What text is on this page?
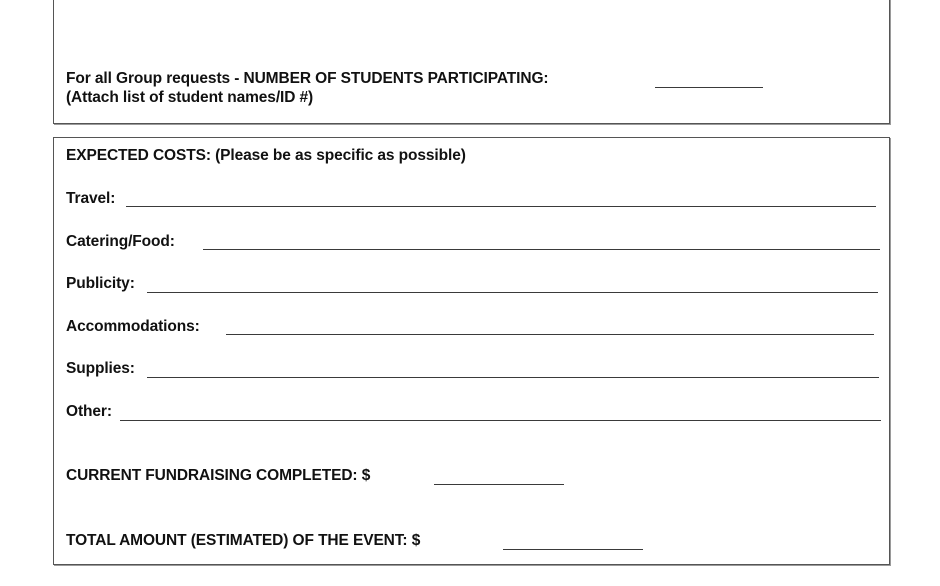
For all Group requests - NUMBER OF STUDENTS PARTICIPATING:
(Attach list of student names/ID #)
EXPECTED COSTS: (Please be as specific as possible)
Travel:
Catering/Food:
Publicity:
Accommodations:
Supplies:
Other:
CURRENT FUNDRAISING COMPLETED: $
TOTAL AMOUNT (ESTIMATED) OF THE EVENT: $
